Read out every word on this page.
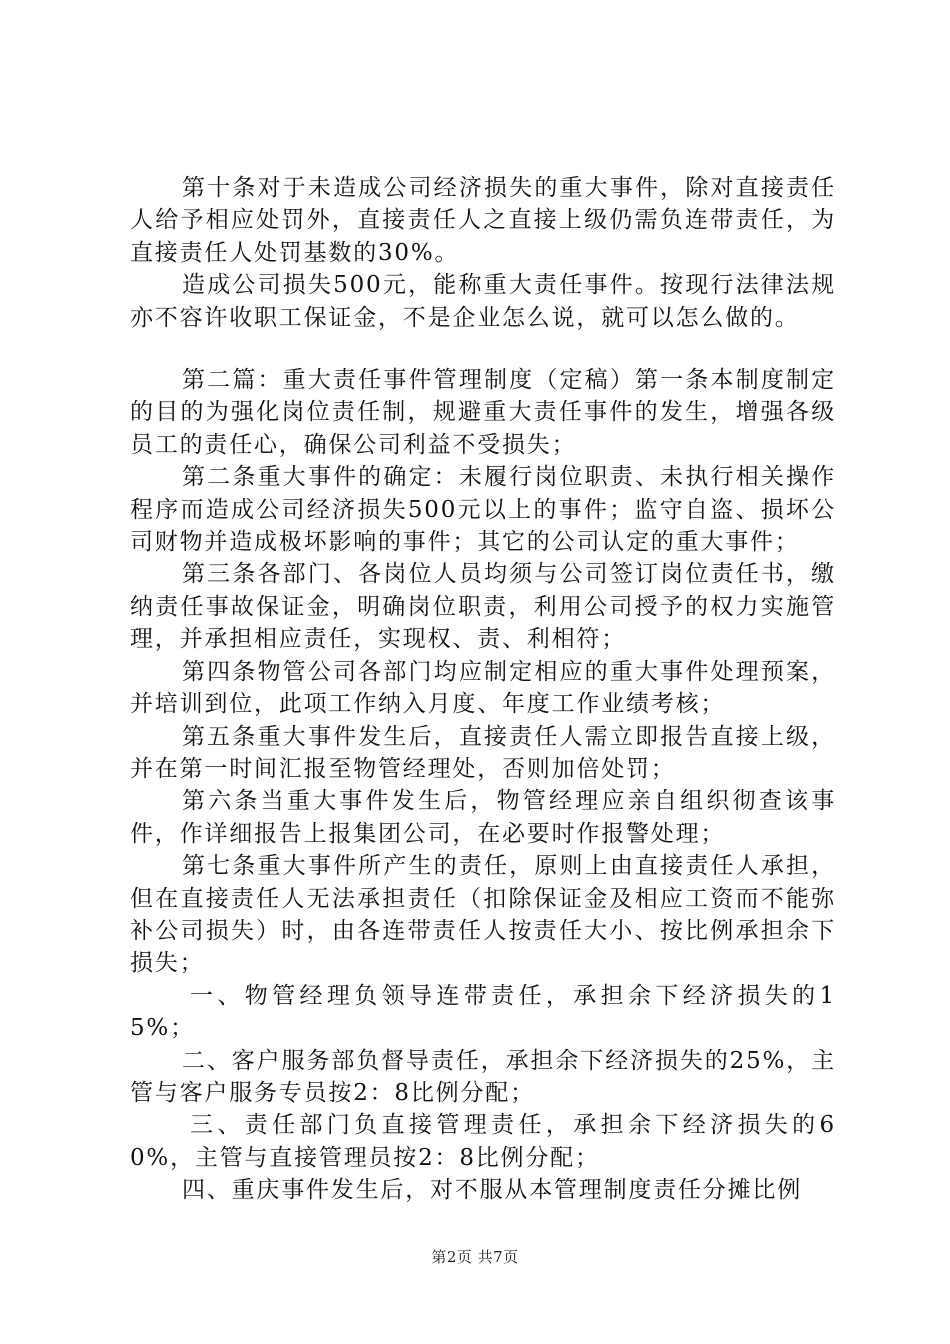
第十条对于未造成公司经济损失的重大事件，除对直接责任人给予相应处罚外，直接责任人之直接上级仍需负连带责任，为直接责任人处罚基数的30%。

造成公司损失500元，能称重大责任事件。按现行法律法规亦不容许收职工保证金，不是企业怎么说，就可以怎么做的。

第二篇：重大责任事件管理制度（定稿）第一条本制度制定的目的为强化岗位责任制，规避重大责任事件的发生，增强各级员工的责任心，确保公司利益不受损失；

第二条重大事件的确定：未履行岗位职责、未执行相关操作程序而造成公司经济损失500元以上的事件；监守自盗、损坏公司财物并造成极坏影响的事件；其它的公司认定的重大事件；

第三条各部门、各岗位人员均须与公司签订岗位责任书，缴纳责任事故保证金，明确岗位职责，利用公司授予的权力实施管理，并承担相应责任，实现权、责、利相符；

第四条物管公司各部门均应制定相应的重大事件处理预案，并培训到位，此项工作纳入月度、年度工作业绩考核；

第五条重大事件发生后，直接责任人需立即报告直接上级，并在第一时间汇报至物管经理处，否则加倍处罚；

第六条当重大事件发生后，物管经理应亲自组织彻查该事件，作详细报告上报集团公司，在必要时作报警处理；

第七条重大事件所产生的责任，原则上由直接责任人承担，但在直接责任人无法承担责任（扣除保证金及相应工资而不能弥补公司损失）时，由各连带责任人按责任大小、按比例承担余下损失；

一、物管经理负领导连带责任，承担余下经济损失的15%；

二、客户服务部负督导责任，承担余下经济损失的25%，主管与客户服务专员按2：8比例分配；

三、责任部门负直接管理责任，承担余下经济损失的60%，主管与直接管理员按2：8比例分配；

四、重庆事件发生后，对不服从本管理制度责任分摊比例

第2页 共7页
